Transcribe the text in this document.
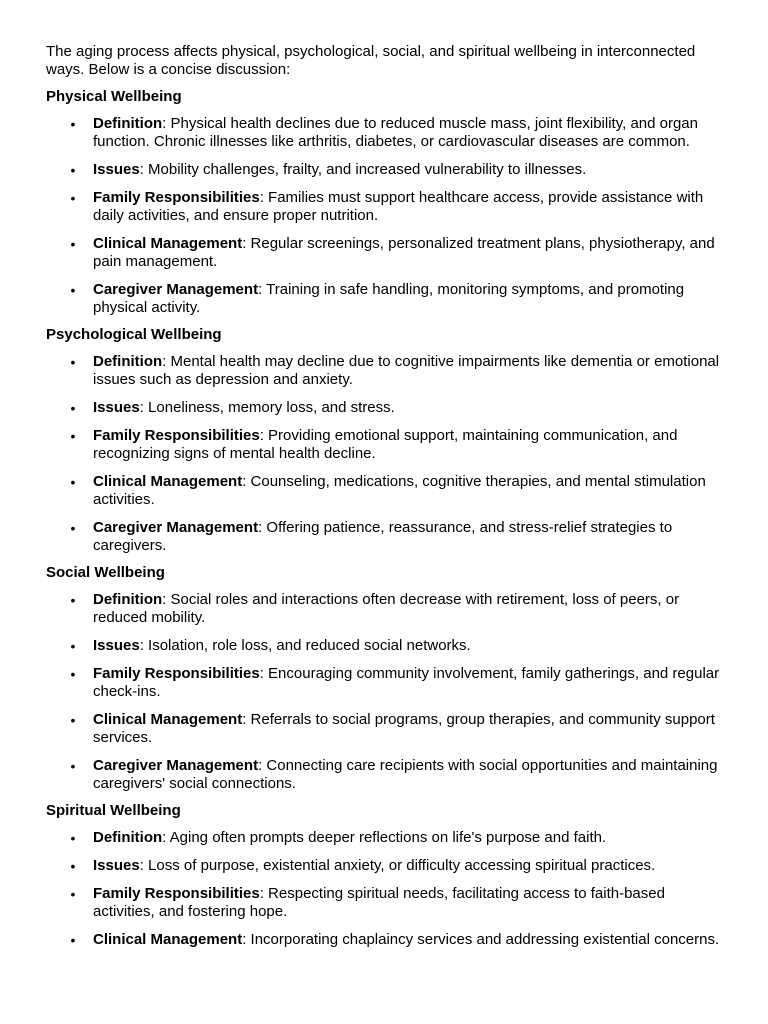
The aging process affects physical, psychological, social, and spiritual wellbeing in interconnected ways. Below is a concise discussion:

Physical Wellbeing
• Definition: Physical health declines due to reduced muscle mass, joint flexibility, and organ function. Chronic illnesses like arthritis, diabetes, or cardiovascular diseases are common.
• Issues: Mobility challenges, frailty, and increased vulnerability to illnesses.
• Family Responsibilities: Families must support healthcare access, provide assistance with daily activities, and ensure proper nutrition.
• Clinical Management: Regular screenings, personalized treatment plans, physiotherapy, and pain management.
• Caregiver Management: Training in safe handling, monitoring symptoms, and promoting physical activity.
Psychological Wellbeing
• Definition: Mental health may decline due to cognitive impairments like dementia or emotional issues such as depression and anxiety.
• Issues: Loneliness, memory loss, and stress.
• Family Responsibilities: Providing emotional support, maintaining communication, and recognizing signs of mental health decline.
• Clinical Management: Counseling, medications, cognitive therapies, and mental stimulation activities.
• Caregiver Management: Offering patience, reassurance, and stress-relief strategies to caregivers.
Social Wellbeing
• Definition: Social roles and interactions often decrease with retirement, loss of peers, or reduced mobility.
• Issues: Isolation, role loss, and reduced social networks.
• Family Responsibilities: Encouraging community involvement, family gatherings, and regular check-ins.
• Clinical Management: Referrals to social programs, group therapies, and community support services.
• Caregiver Management: Connecting care recipients with social opportunities and maintaining caregivers' social connections.
Spiritual Wellbeing
• Definition: Aging often prompts deeper reflections on life's purpose and faith.
• Issues: Loss of purpose, existential anxiety, or difficulty accessing spiritual practices.
• Family Responsibilities: Respecting spiritual needs, facilitating access to faith-based activities, and fostering hope.
• Clinical Management: Incorporating chaplaincy services and addressing existential concerns.
